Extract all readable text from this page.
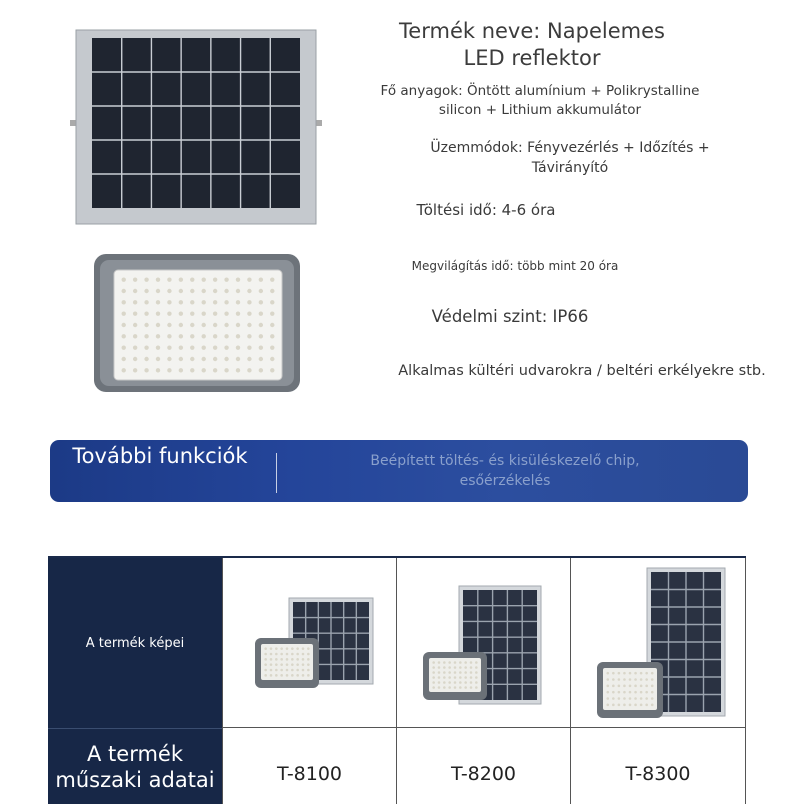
Termék neve: Napelemes LED reflektor
Fő anyagok: Öntött alumínium + Polikrystalline silicon + Lithium akkumulátor
Üzemmódok: Fényvezérlés + Időzítés + Távirányító
Töltési idő: 4-6 óra
Megvilágítás idő: több mint 20 óra
Védelmi szint: IP66
Alkalmas kültéri udvarokra / beltéri erkélyekre stb.
További funkciók	Beépített töltés- és kisüléskezelő chip, esőérzékelés
A termék képei
A termék műszaki adatai	T-8100	T-8200	T-8300
